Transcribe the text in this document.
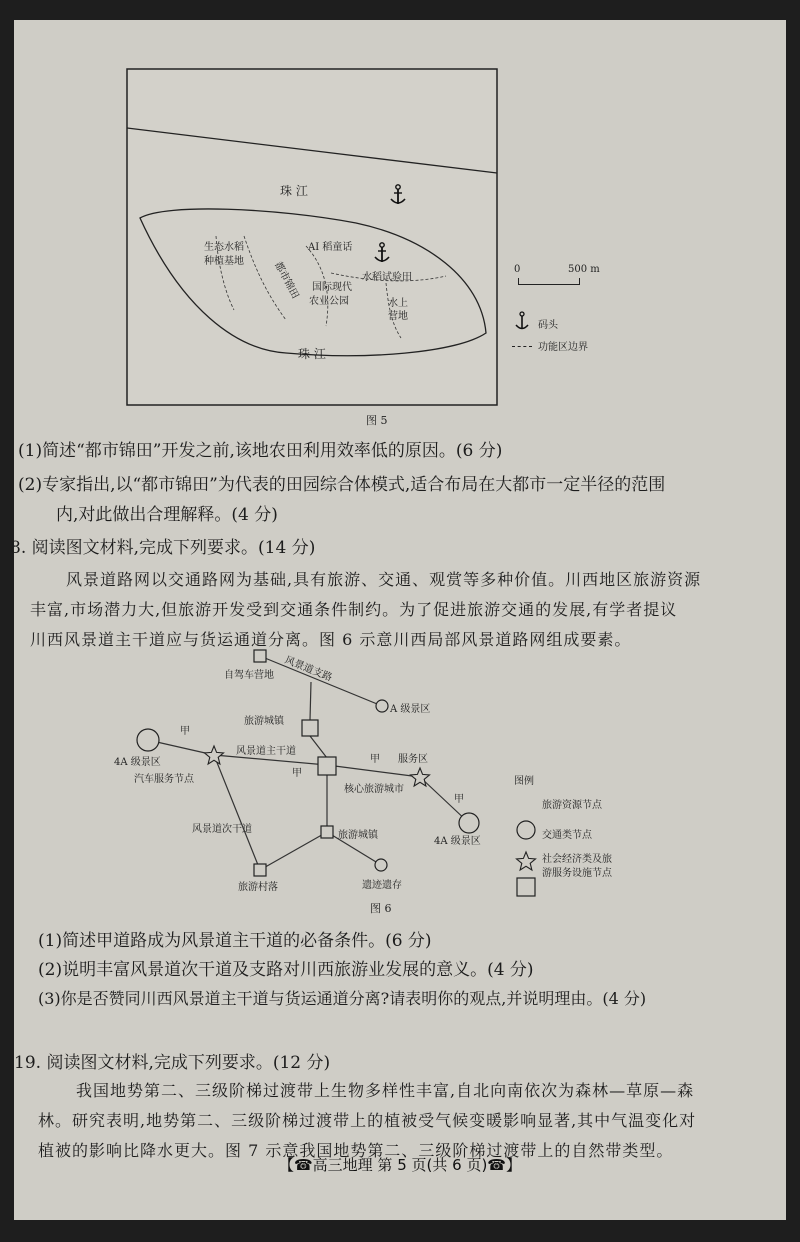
珠 江
珠 江
生态水稻
种植基地	都市锦田
AI 稻童话
国际现代
农业公园
水稻试验田
水上
营地
0	500 m
码头
功能区边界
图 5
(1)简述“都市锦田”开发之前,该地农田利用效率低的原因。(6 分)
(2)专家指出,以“都市锦田”为代表的田园综合体模式,适合布局在大都市一定半径的范围
内,对此做出合理解释。(4 分)
8. 阅读图文材料,完成下列要求。(14 分)
风景道路网以交通路网为基础,具有旅游、交通、观赏等多种价值。川西地区旅游资源
丰富,市场潜力大,但旅游开发受到交通条件制约。为了促进旅游交通的发展,有学者提议
川西风景道主干道应与货运通道分离。图 6 示意川西局部风景道路网组成要素。
自驾车营地 风景道支路
A 级景区
旅游城镇
4A 级景区
汽车服务节点
风景道主干道
核心旅游城市
服务区
4A 级景区
风景道次干道
旅游城镇
旅游村落	遗迹遗存
甲
甲
甲
甲
图例
旅游资源节点
交通类节点
社会经济类及旅
游服务设施节点
图 6
(1)简述甲道路成为风景道主干道的必备条件。(6 分)
(2)说明丰富风景道次干道及支路对川西旅游业发展的意义。(4 分)
(3)你是否赞同川西风景道主干道与货运通道分离?请表明你的观点,并说明理由。(4 分)
19. 阅读图文材料,完成下列要求。(12 分)
我国地势第二、三级阶梯过渡带上生物多样性丰富,自北向南依次为森林—草原—森
林。研究表明,地势第二、三级阶梯过渡带上的植被受气候变暖影响显著,其中气温变化对
植被的影响比降水更大。图 7 示意我国地势第二、三级阶梯过渡带上的自然带类型。
【☎高三地理 第 5 页(共 6 页)☎】
